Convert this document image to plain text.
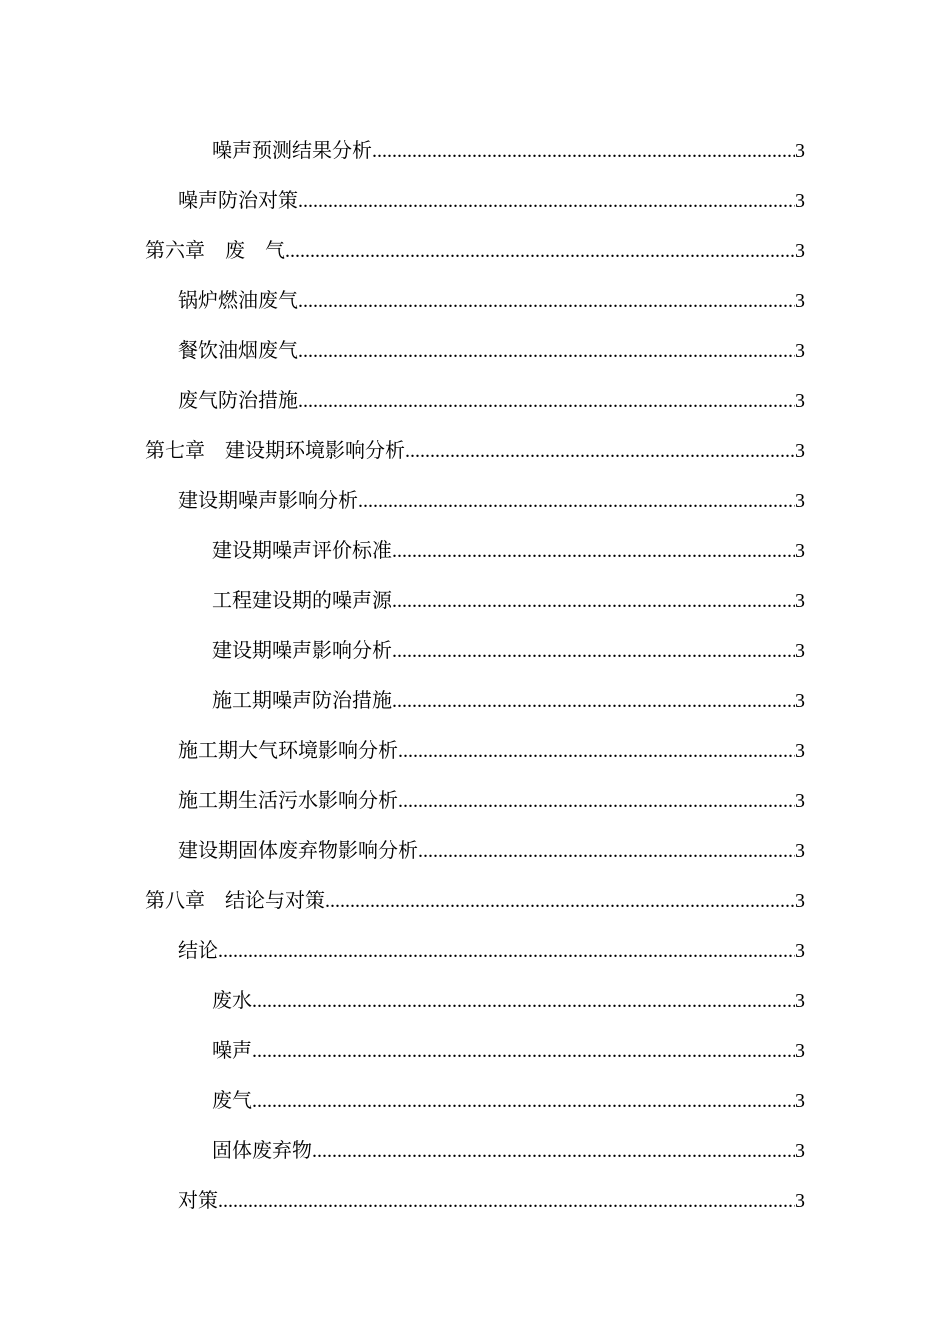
噪声预测结果分析 .....	3
噪声防治对策 .....	3
第六章　废　气 .....	3
锅炉燃油废气 .....	3
餐饮油烟废气 .....	3
废气防治措施 .....	3
第七章　建设期环境影响分析 .....	3
建设期噪声影响分析 .....	3
建设期噪声评价标准 .....	3
工程建设期的噪声源 .....	3
建设期噪声影响分析 .....	3
施工期噪声防治措施 .....	3
施工期大气环境影响分析 .....	3
施工期生活污水影响分析 .....	3
建设期固体废弃物影响分析 .....	3
第八章　结论与对策 .....	3
结论 .....	3
废水 .....	3
噪声 .....	3
废气 .....	3
固体废弃物 .....	3
对策 .....	3
